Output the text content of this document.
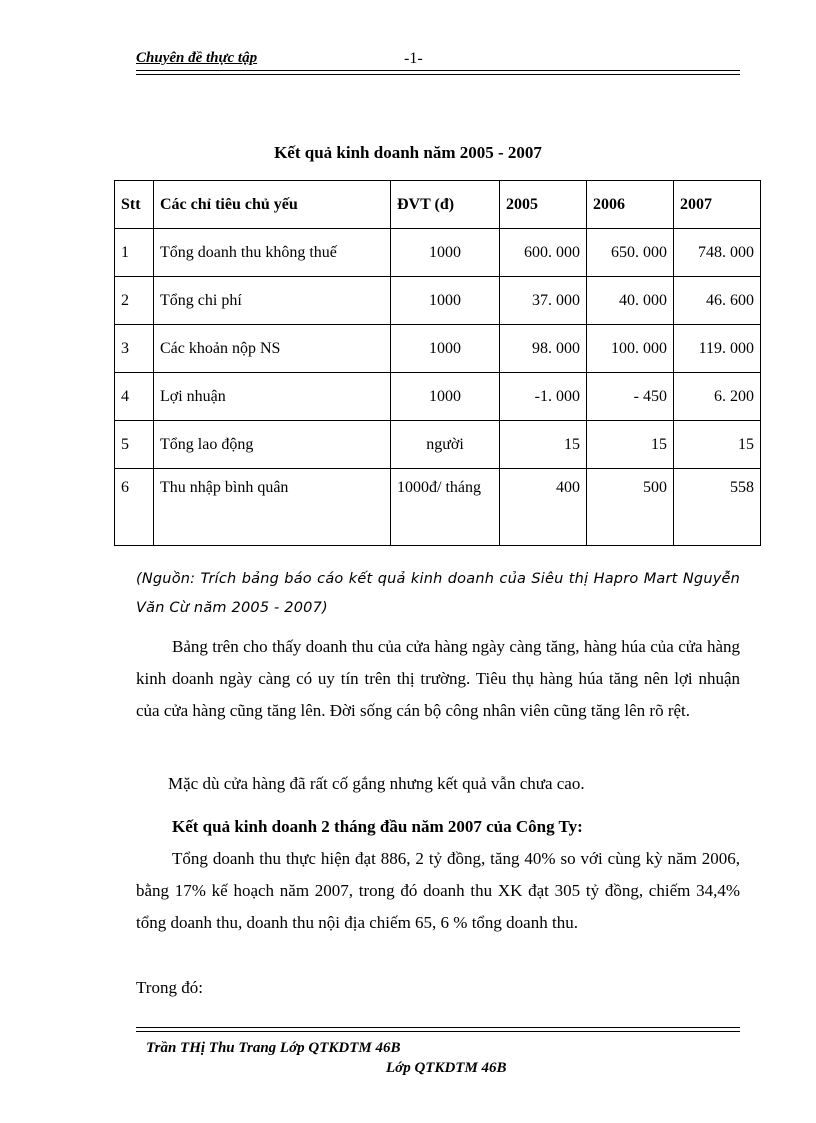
Chuyên đề thực tập	-1-
Kết quả kinh doanh năm 2005 - 2007
Stt	Các chỉ tiêu chủ yếu	ĐVT (đ)	2005	2006	2007
1	Tổng doanh thu không thuế	1000	600. 000	650. 000	748. 000
2	Tổng chi phí	1000	37. 000	40. 000	46. 600
3	Các khoản nộp NS	1000	98. 000	100. 000	119. 000
4	Lợi nhuận	1000	-1. 000	- 450	6. 200
5	Tổng lao động	người	15	15	15
6	Thu nhập bình quân	1000đ/ tháng	400	500	558
(Nguồn: Trích bảng báo cáo kết quả kinh doanh của Siêu thị Hapro Mart Nguyễn Văn Cừ năm 2005 - 2007)
Bảng trên cho thấy doanh thu của cửa hàng ngày càng tăng, hàng húa của cửa hàng kinh doanh ngày càng có uy tín trên thị trường. Tiêu thụ hàng húa tăng nên lợi nhuận của cửa hàng cũng tăng lên. Đời sống cán bộ công nhân viên cũng tăng lên rõ rệt.
Mặc dù cửa hàng đã rất cố gắng nhưng kết quả vẫn chưa cao.
Kết quả kinh doanh 2 tháng đầu năm 2007 của Công Ty:
Tổng doanh thu thực hiện đạt 886, 2 tỷ đồng, tăng 40% so với cùng kỳ năm 2006, bằng 17% kế hoạch năm 2007, trong đó doanh thu XK đạt 305 tỷ đồng, chiếm 34,4% tổng doanh thu, doanh thu nội địa chiếm 65, 6 % tổng doanh thu.
Trong đó:
Trần THị Thu Trang Lớp QTKDTM 46B
Lớp QTKDTM 46B
